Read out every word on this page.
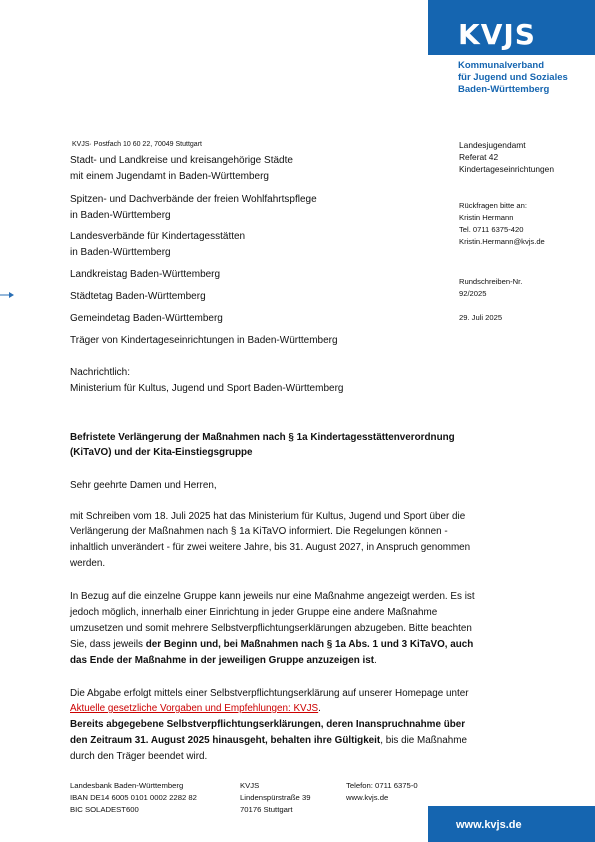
KVJS
Kommunalverband
für Jugend und Soziales
Baden-Württemberg
KVJS· Postfach 10 60 22, 70049 Stuttgart
Stadt- und Landkreise und kreisangehörige Städte
mit einem Jugendamt in Baden-Württemberg
Spitzen- und Dachverbände der freien Wohlfahrtspflege
in Baden-Württemberg
Landesverbände für Kindertagesstätten
in Baden-Württemberg
Landkreistag Baden-Württemberg
Städtetag Baden-Württemberg
Gemeindetag Baden-Württemberg
Träger von Kindertageseinrichtungen in Baden-Württemberg
Nachrichtlich:
Ministerium für Kultus, Jugend und Sport Baden-Württemberg
Landesjugendamt
Referat 42
Kindertageseinrichtungen
Rückfragen bitte an:
Kristin Hermann
Tel. 0711 6375-420
Kristin.Hermann@kvjs.de
Rundschreiben-Nr.
92/2025
29. Juli 2025
Befristete Verlängerung der Maßnahmen nach § 1a Kindertagesstättenverordnung
(KiTaVO) und der Kita-Einstiegsgruppe
Sehr geehrte Damen und Herren,
mit Schreiben vom 18. Juli 2025 hat das Ministerium für Kultus, Jugend und Sport über die
Verlängerung der Maßnahmen nach § 1a KiTaVO informiert. Die Regelungen können -
inhaltlich unverändert - für zwei weitere Jahre, bis 31. August 2027, in Anspruch genommen
werden.
In Bezug auf die einzelne Gruppe kann jeweils nur eine Maßnahme angezeigt werden. Es ist
jedoch möglich, innerhalb einer Einrichtung in jeder Gruppe eine andere Maßnahme
umzusetzen und somit mehrere Selbstverpflichtungserklärungen abzugeben. Bitte beachten
Sie, dass jeweils der Beginn und, bei Maßnahmen nach § 1a Abs. 1 und 3 KiTaVO, auch
das Ende der Maßnahme in der jeweiligen Gruppe anzuzeigen ist.
Die Abgabe erfolgt mittels einer Selbstverpflichtungserklärung auf unserer Homepage unter
Aktuelle gesetzliche Vorgaben und Empfehlungen: KVJS.
Bereits abgegebene Selbstverpflichtungserklärungen, deren Inanspruchnahme über
den Zeitraum 31. August 2025 hinausgeht, behalten ihre Gültigkeit, bis die Maßnahme
durch den Träger beendet wird.
Landesbank Baden-Württemberg
IBAN DE14 6005 0101 0002 2282 82
BIC SOLADEST600
KVJS
Lindenspürstraße 39
70176 Stuttgart
Telefon: 0711 6375-0
www.kvjs.de
www.kvjs.de
